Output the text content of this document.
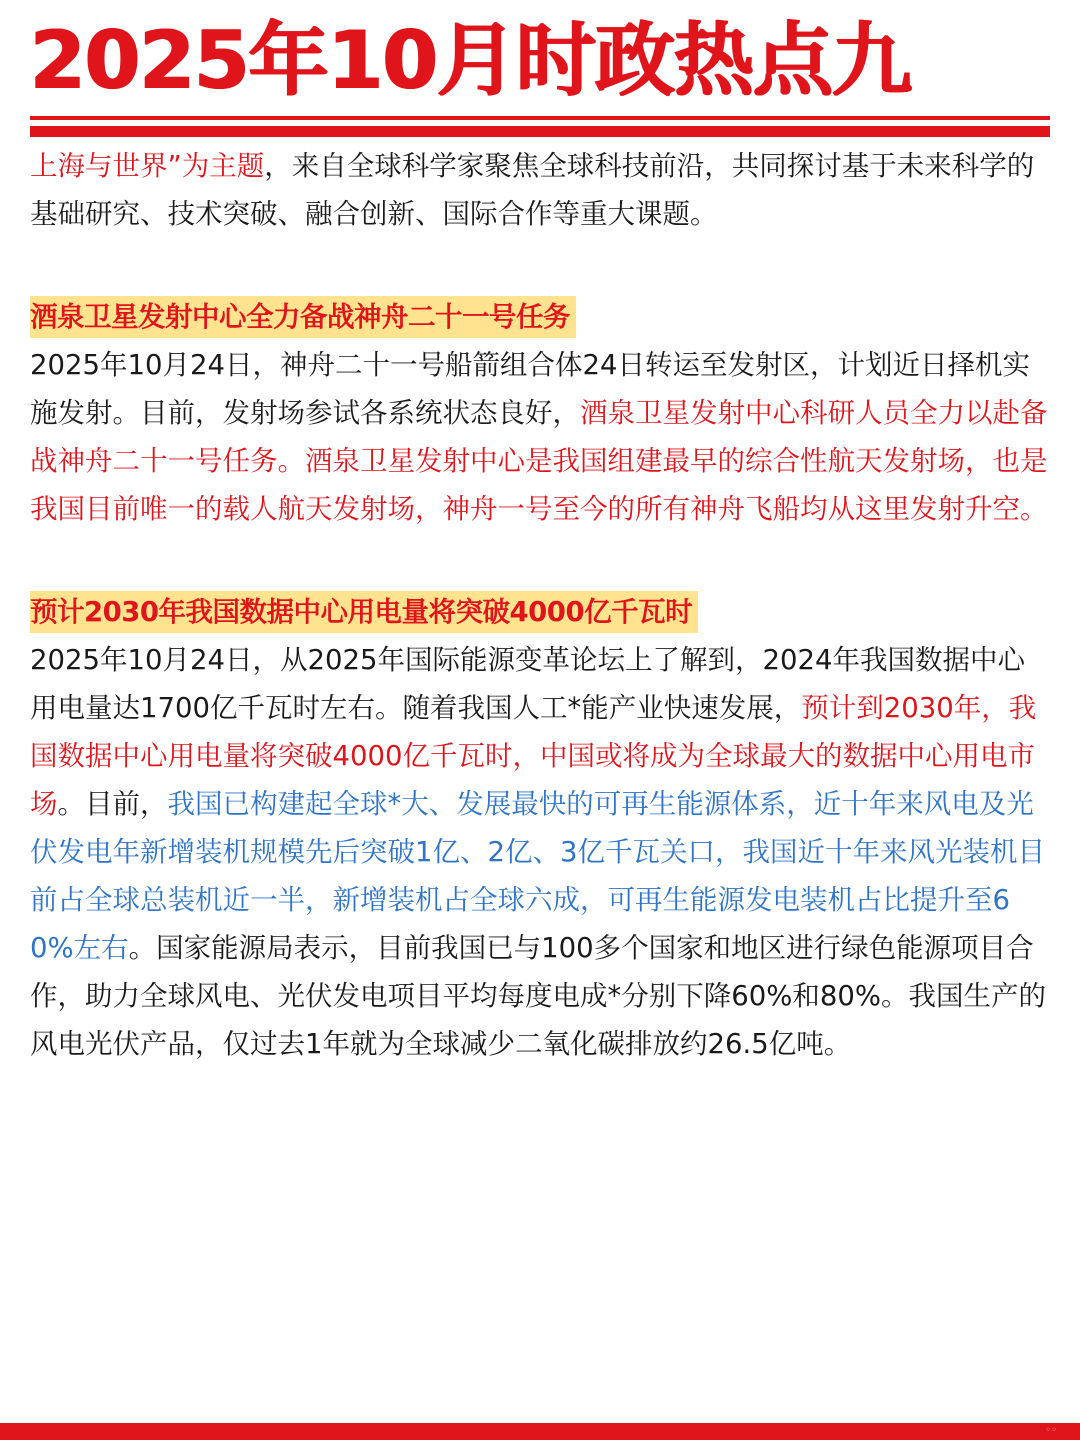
2025年10月时政热点九

上海与世界”为主题，来自全球科学家聚焦全球科技前沿，共同探讨基于未来科学的基础研究、技术突破、融合创新、国际合作等重大课题。

酒泉卫星发射中心全力备战神舟二十一号任务

2025年10月24日，神舟二十一号船箭组合体24日转运至发射区，计划近日择机实施发射。目前，发射场参试各系统状态良好，酒泉卫星发射中心科研人员全力以赴备战神舟二十一号任务。酒泉卫星发射中心是我国组建最早的综合性航天发射场，也是我国目前唯一的载人航天发射场，神舟一号至今的所有神舟飞船均从这里发射升空。

预计2030年我国数据中心用电量将突破4000亿千瓦时

2025年10月24日，从2025年国际能源变革论坛上了解到，2024年我国数据中心用电量达1700亿千瓦时左右。随着我国人工*能产业快速发展，预计到2030年，我国数据中心用电量将突破4000亿千瓦时，中国或将成为全球最大的数据中心用电市场。目前，我国已构建起全球*大、发展最快的可再生能源体系，近十年来风电及光伏发电年新增装机规模先后突破1亿、2亿、3亿千瓦关口，我国近十年来风光装机目前占全球总装机近一半，新增装机占全球六成，可再生能源发电装机占比提升至60%左右。国家能源局表示，目前我国已与100多个国家和地区进行绿色能源项目合作，助力全球风电、光伏发电项目平均每度电成*分别下降60%和80%。我国生产的风电光伏产品，仅过去1年就为全球减少二氧化碳排放约26.5亿吨。

◦◦
